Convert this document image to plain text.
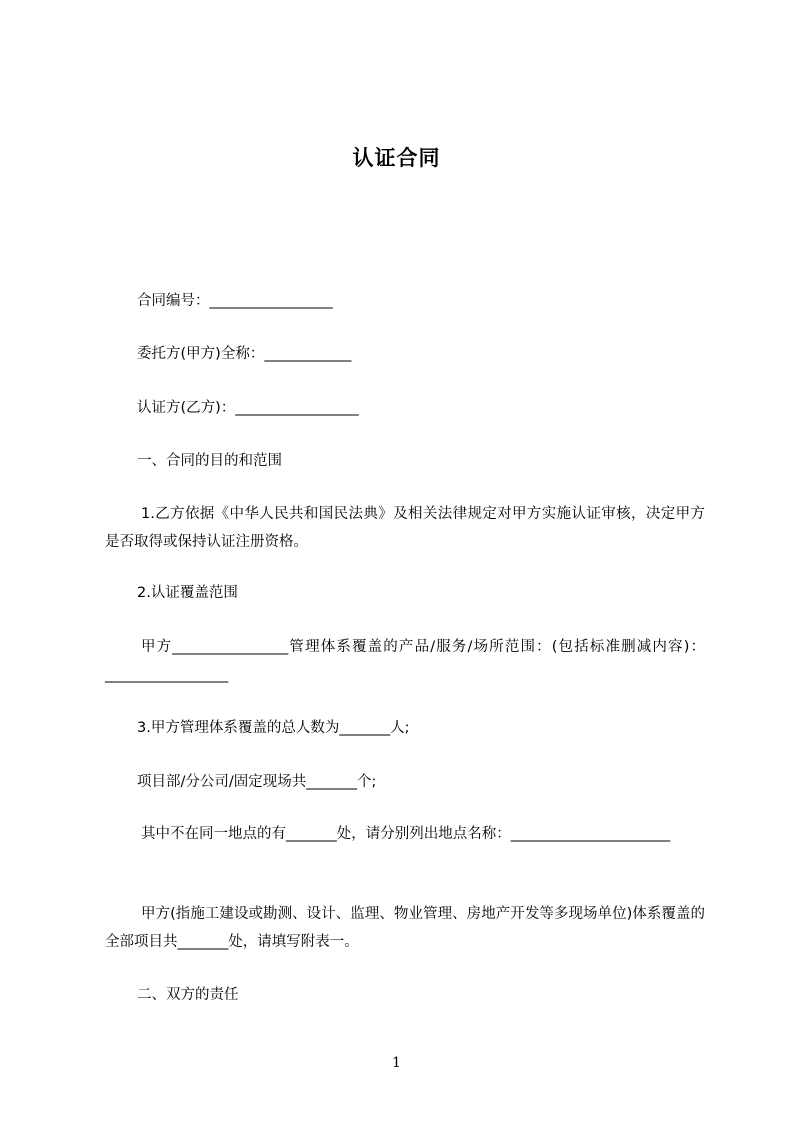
认证合同
合同编号：_________________
委托方(甲方)全称：____________
认证方(乙方)：_________________
一、合同的目的和范围
1.乙方依据《中华人民共和国民法典》及相关法律规定对甲方实施认证审核，决定甲方是否取得或保持认证注册资格。
2.认证覆盖范围
甲方________________管理体系覆盖的产品/服务/场所范围：(包括标准删减内容)：_________________
3.甲方管理体系覆盖的总人数为_______人;
项目部/分公司/固定现场共_______个;
其中不在同一地点的有_______处，请分别列出地点名称：______________________
甲方(指施工建设或勘测、设计、监理、物业管理、房地产开发等多现场单位)体系覆盖的全部项目共_______处，请填写附表一。
二、双方的责任
1
